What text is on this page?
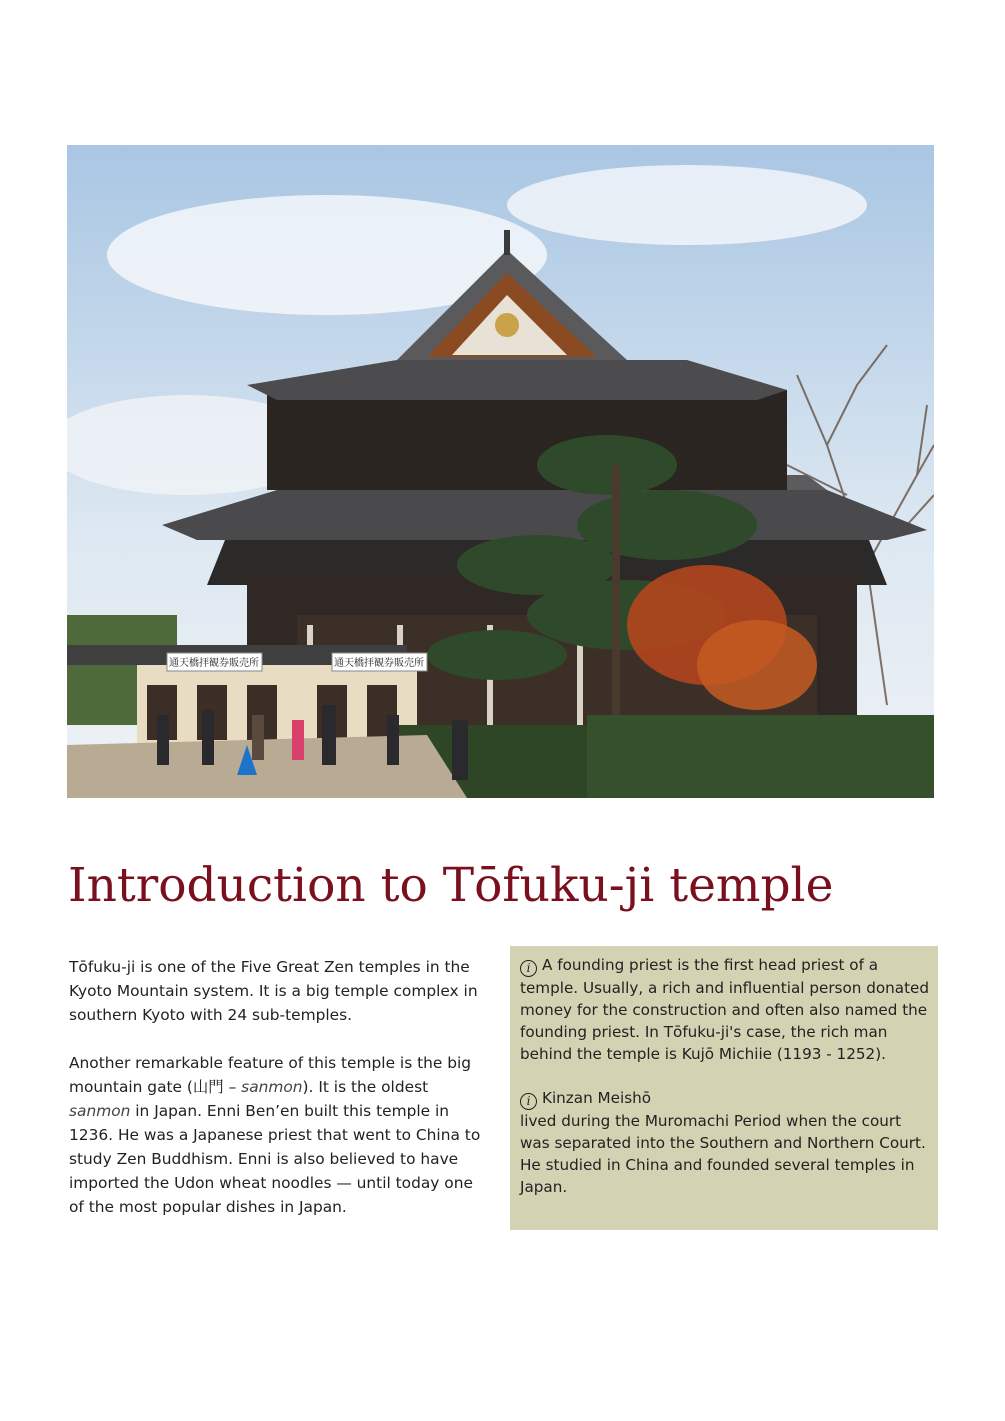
通天橋拝観券販売所	通天橋拝観券販売所
Introduction to Tōfuku-ji temple

Tōfuku-ji is one of the Five Great Zen temples in the Kyoto Mountain system. It is a big temple complex in southern Kyoto with 24 sub-temples.

Another remarkable feature of this temple is the big mountain gate (山門 – sanmon). It is the oldest sanmon in Japan. Enni Ben’en built this temple in 1236. He was a Japanese priest that went to China to study Zen Buddhism. Enni is also believed to have imported the Udon wheat noodles — until today one of the most popular dishes in Japan.

i A founding priest is the first head priest of a temple. Usually, a rich and influential person donated money for the construction and often also named the founding priest. In Tōfuku-ji's case, the rich man behind the temple is Kujō Michiie (1193 - 1252).

i Kinzan Meishō
lived during the Muromachi Period when the court was separated into the Southern and Northern Court. He studied in China and founded several temples in Japan.
